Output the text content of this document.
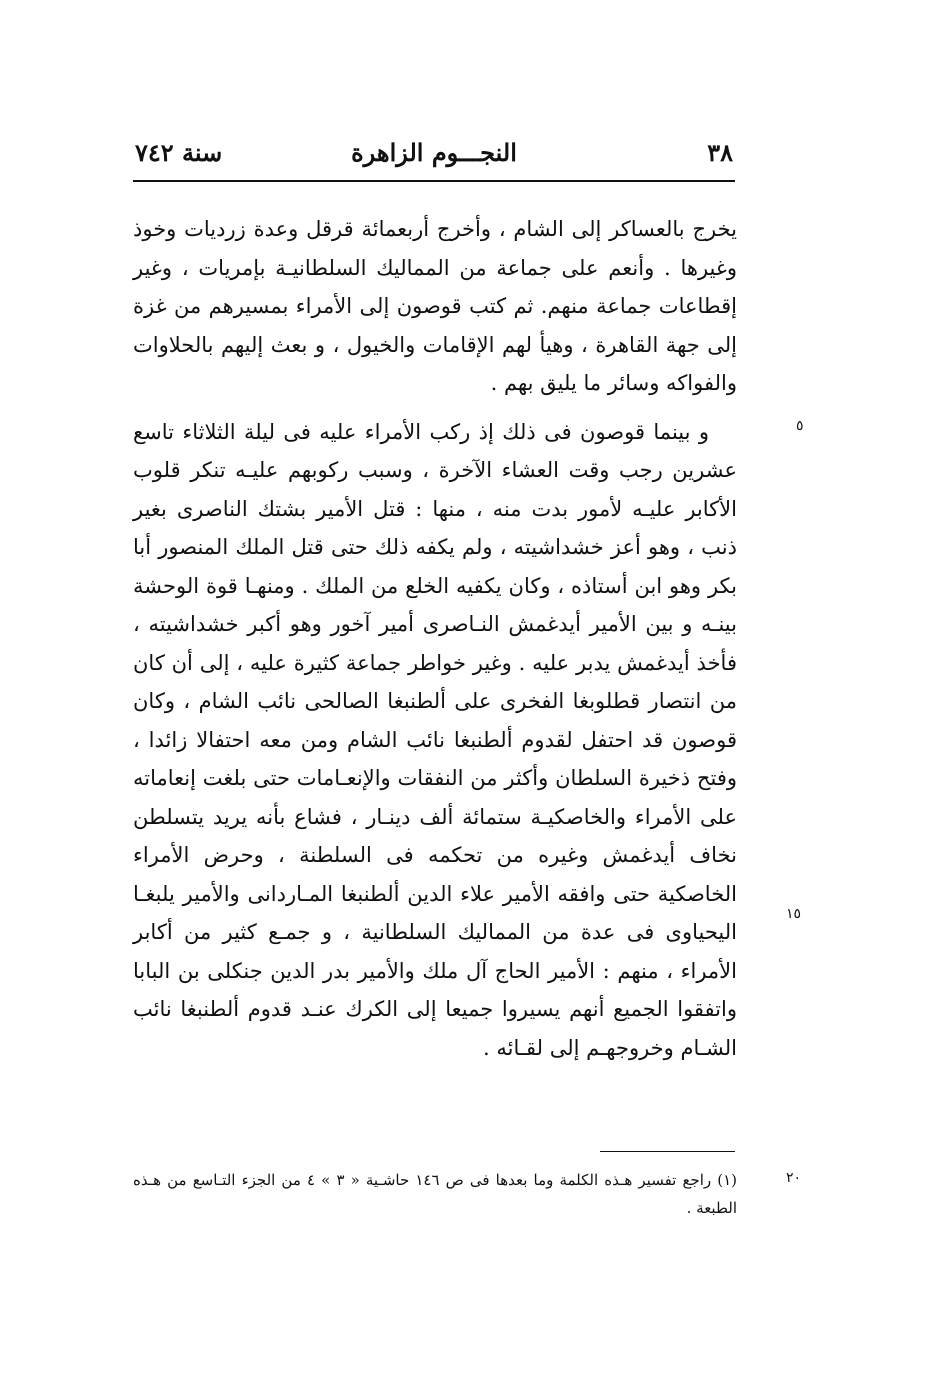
٣٨
النجـــوم الزاهرة
سنة ٧٤٢

يخرج بالعساكر إلى الشام ، وأخرج أربعمائة قرقل وعدة زرديات وخوذ وغيرها . وأنعم على جماعة من المماليك السلطانيـة بإمريات ، وغير إقطاعات جماعة منهم. ثم كتب قوصون إلى الأمراء بمسيرهم من غزة إلى جهة القاهرة ، وهيأ لهم الإقامات والخيول ، و بعث إليهم بالحلاوات والفواكه وسائر ما يليق بهم .

و بينما قوصون فى ذلك إذ ركب الأمراء عليه فى ليلة الثلاثاء تاسع عشرين رجب وقت العشاء الآخرة ، وسبب ركوبهم عليـه تنكر قلوب الأكابر عليـه لأمور بدت منه ، منها : قتل الأمير بشتك الناصرى بغير ذنب ، وهو أعز خشداشيته ، ولم يكفه ذلك حتى قتل الملك المنصور أبا بكر وهو ابن أستاذه ، وكان يكفيه الخلع من الملك . ومنهـا قوة الوحشة بينـه و بين الأمير أيدغمش النـاصرى أمير آخور وهو أكبر خشداشيته ، فأخذ أيدغمش يدبر عليه . وغير خواطر جماعة كثيرة عليه ، إلى أن كان من انتصار قطلوبغا الفخرى على ألطنبغا الصالحى نائب الشام ، وكان قوصون قد احتفل لقدوم ألطنبغا نائب الشام ومن معه احتفالا زائدا ، وفتح ذخيرة السلطان وأكثر من النفقات والإنعـامات حتى بلغت إنعاماته على الأمراء والخاصكيـة ستمائة ألف دينـار ، فشاع بأنه يريد يتسلطن نخاف أيدغمش وغيره من تحكمه فى السلطنة ، وحرض الأمراء الخاصكية حتى وافقه الأمير علاء الدين ألطنبغا المـاردانى والأمير يلبغـا اليحياوى فى عدة من المماليك السلطانية ، و جمـع كثير من أكابر الأمراء ، منهم : الأمير الحاج آل ملك والأمير بدر الدين جنكلى بن البابا واتفقوا الجميع أنهم يسيروا جميعا إلى الكرك عنـد قدوم ألطنبغا نائب الشـام وخروجهـم إلى لقـائه .

٥
١٥
٢٠
(١) راجع تفسير هـذه الكلمة وما بعدها فى ص ١٤٦ حاشـية « ٣ » ٤ من الجزء التـاسع من هـذه الطبعة .
